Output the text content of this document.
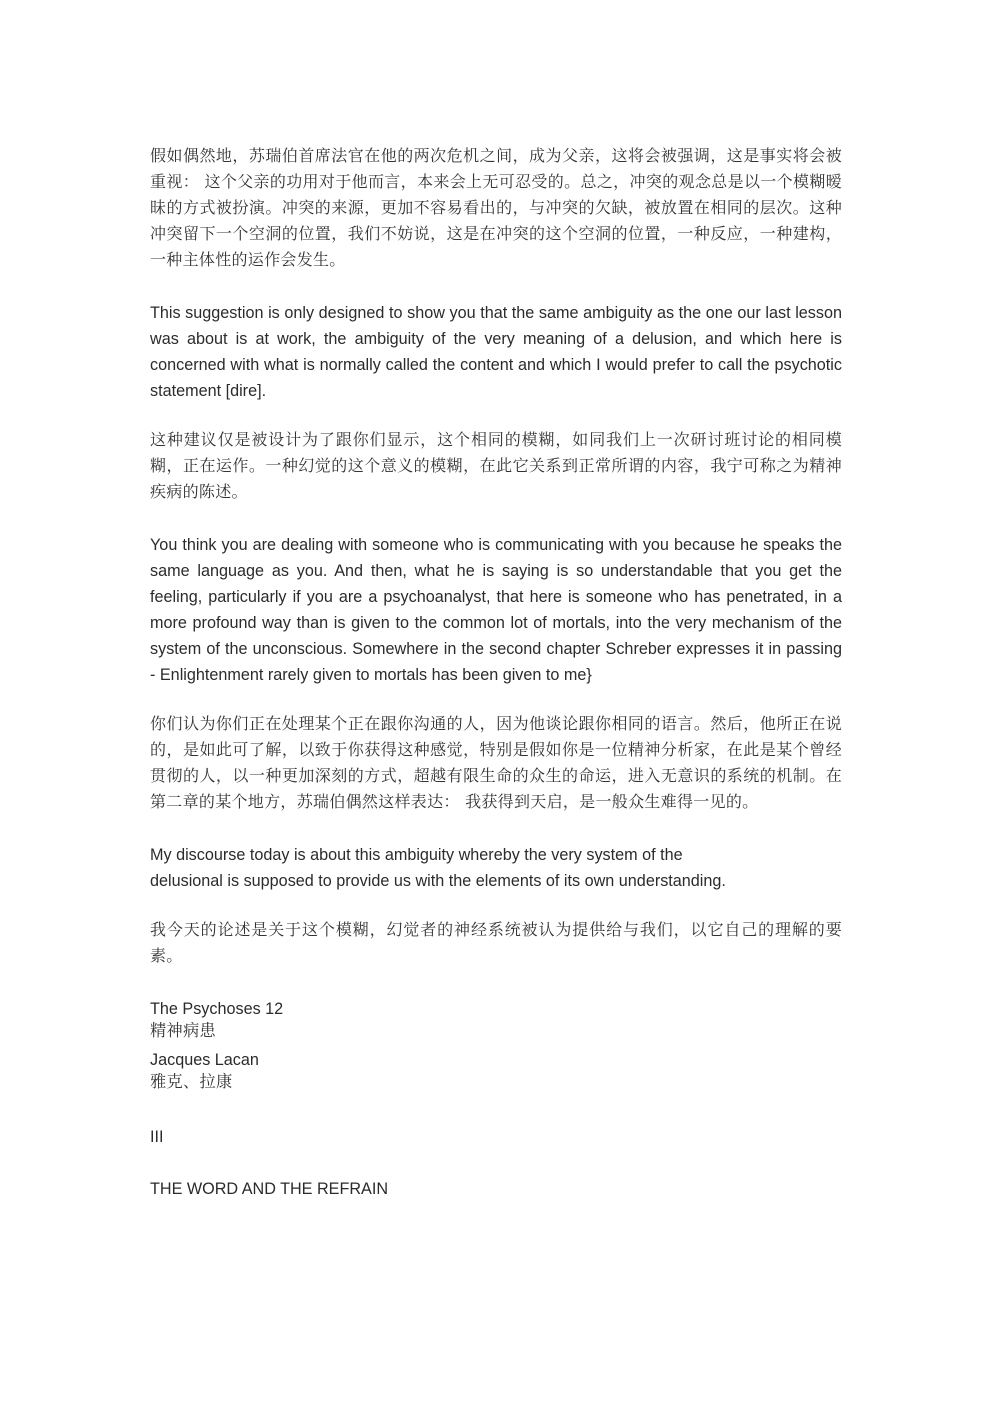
假如偶然地，苏瑞伯首席法官在他的两次危机之间，成为父亲，这将会被强调，这是事实将会被重视： 这个父亲的功用对于他而言，本来会上无可忍受的。总之，冲突的观念总是以一个模糊暧昧的方式被扮演。冲突的来源，更加不容易看出的，与冲突的欠缺，被放置在相同的层次。这种冲突留下一个空洞的位置，我们不妨说，这是在冲突的这个空洞的位置，一种反应，一种建构，一种主体性的运作会发生。

This suggestion is only designed to show you that the same ambiguity as the one our last lesson was about is at work, the ambiguity of the very meaning of a delusion, and which here is concerned with what is normally called the content and which I would prefer to call the psychotic statement [dire].

这种建议仅是被设计为了跟你们显示，这个相同的模糊，如同我们上一次研讨班讨论的相同模糊，正在运作。一种幻觉的这个意义的模糊，在此它关系到正常所谓的内容，我宁可称之为精神疾病的陈述。

You think you are dealing with someone who is communicating with you because he speaks the same language as you. And then, what he is saying is so understandable that you get the feeling, particularly if you are a psychoanalyst, that here is someone who has penetrated, in a more profound way than is given to the common lot of mortals, into the very mechanism of the system of the unconscious. Somewhere in the second chapter Schreber expresses it in passing - Enlightenment rarely given to mortals has been given to me}

你们认为你们正在处理某个正在跟你沟通的人，因为他谈论跟你相同的语言。然后，他所正在说的，是如此可了解，以致于你获得这种感觉，特别是假如你是一位精神分析家，在此是某个曾经贯彻的人，以一种更加深刻的方式，超越有限生命的众生的命运，进入无意识的系统的机制。在第二章的某个地方，苏瑞伯偶然这样表达： 我获得到天启，是一般众生难得一见的。

My discourse today is about this ambiguity whereby the very system of the

delusional is supposed to provide us with the elements of its own understanding.

我今天的论述是关于这个模糊，幻觉者的神经系统被认为提供给与我们，以它自己的理解的要素。

The Psychoses 12

精神病患

Jacques Lacan

雅克、拉康

III

THE WORD AND THE REFRAIN
